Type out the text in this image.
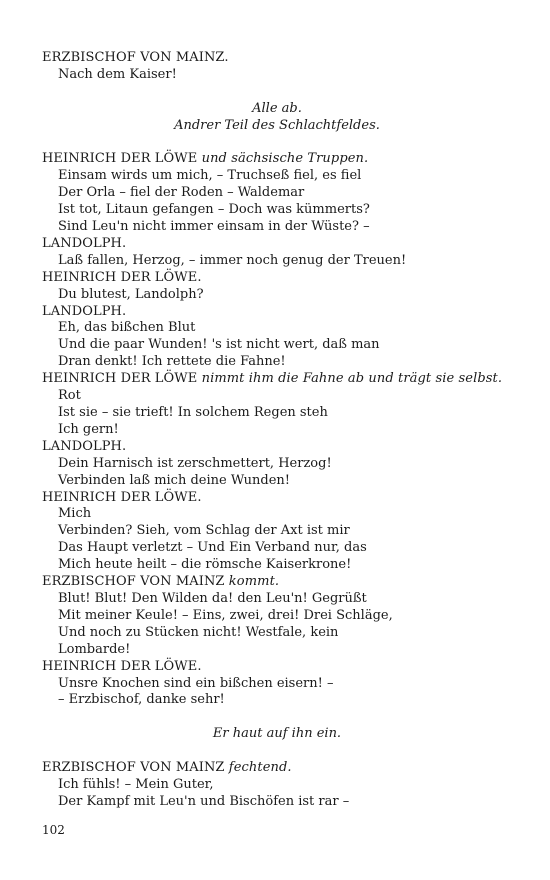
ERZBISCHOF VON MAINZ.
Nach dem Kaiser!
Alle ab.
Andrer Teil des Schlachtfeldes.
HEINRICH DER LÖWE und sächsische Truppen.
Einsam wirds um mich, – Truchseß fiel, es fiel
Der Orla – fiel der Roden – Waldemar
Ist tot, Litaun gefangen – Doch was kümmerts?
Sind Leu'n nicht immer einsam in der Wüste? –
LANDOLPH.
Laß fallen, Herzog, – immer noch genug der Treuen!
HEINRICH DER LÖWE.
Du blutest, Landolph?
LANDOLPH.
Eh, das bißchen Blut
Und die paar Wunden! 's ist nicht wert, daß man
Dran denkt! Ich rettete die Fahne!
HEINRICH DER LÖWE nimmt ihm die Fahne ab und trägt sie selbst.
Rot
Ist sie – sie trieft! In solchem Regen steh
Ich gern!
LANDOLPH.
Dein Harnisch ist zerschmettert, Herzog!
Verbinden laß mich deine Wunden!
HEINRICH DER LÖWE.
Mich
Verbinden? Sieh, vom Schlag der Axt ist mir
Das Haupt verletzt – Und Ein Verband nur, das
Mich heute heilt – die römsche Kaiserkrone!
ERZBISCHOF VON MAINZ kommt.
Blut! Blut! Den Wilden da! den Leu'n! Gegrüßt
Mit meiner Keule! – Eins, zwei, drei! Drei Schläge,
Und noch zu Stücken nicht! Westfale, kein
Lombarde!
HEINRICH DER LÖWE.
Unsre Knochen sind ein bißchen eisern! –
– Erzbischof, danke sehr!
Er haut auf ihn ein.
ERZBISCHOF VON MAINZ fechtend.
Ich fühls! – Mein Guter,
Der Kampf mit Leu'n und Bischöfen ist rar –
102
